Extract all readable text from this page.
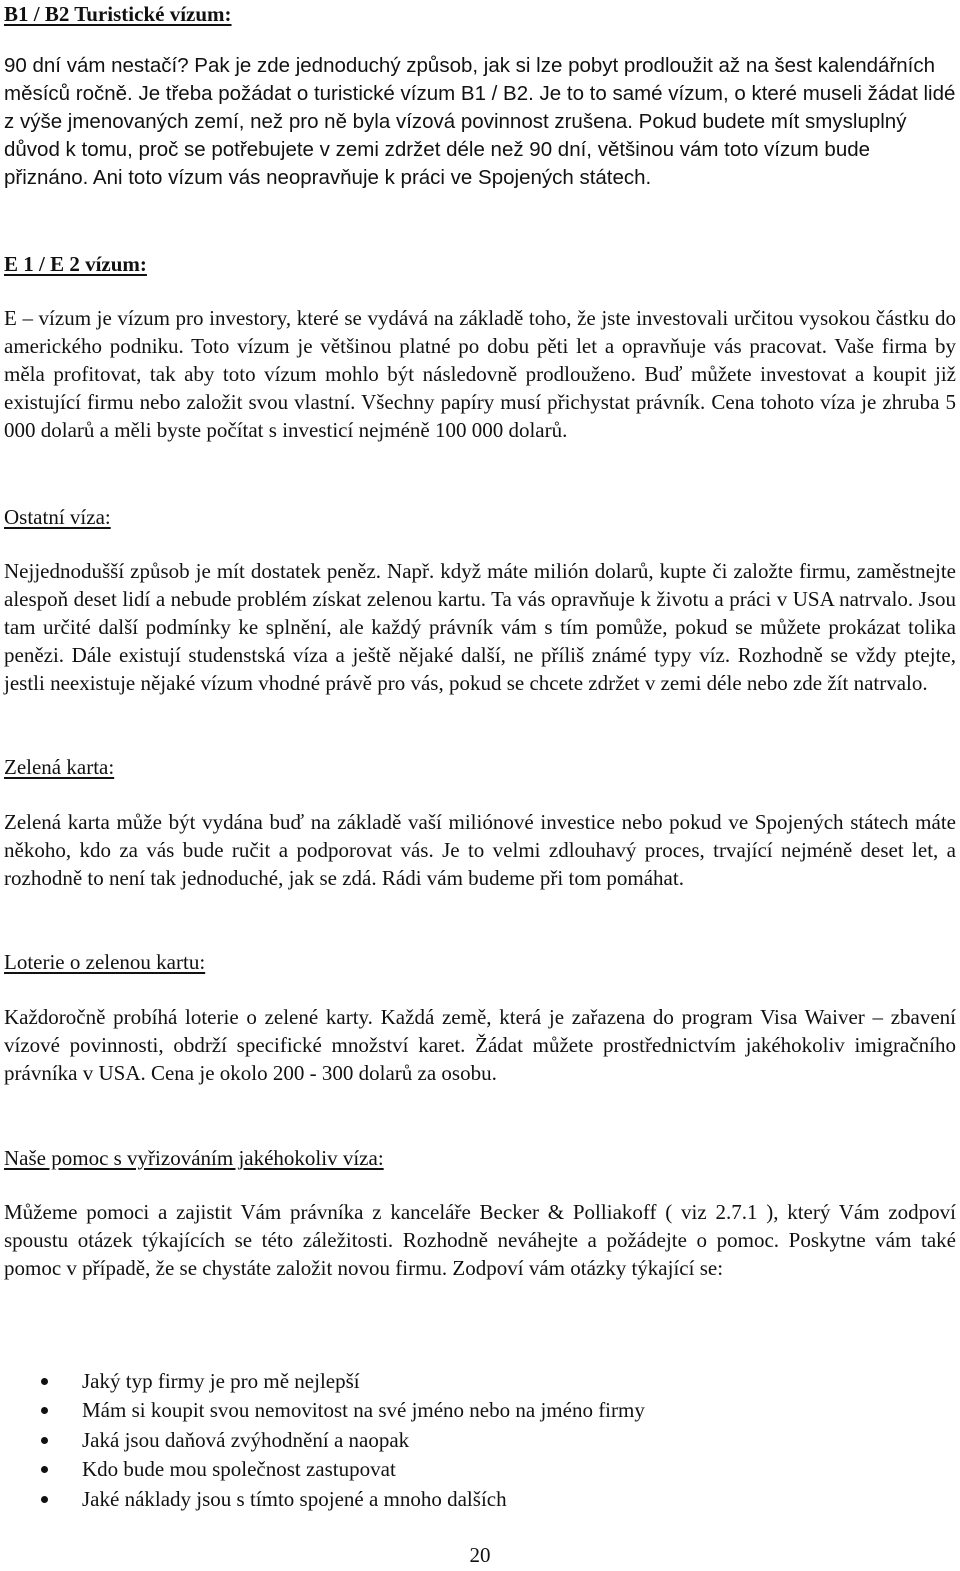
B1 / B2 Turistické vízum:
90 dní vám nestačí? Pak je zde jednoduchý způsob, jak si lze pobyt prodloužit až na šest kalendářních měsíců ročně. Je třeba požádat o turistické vízum B1 / B2. Je to to samé vízum, o které museli žádat lidé z výše jmenovaných zemí, než pro ně byla vízová povinnost zrušena. Pokud budete mít smysluplný důvod k tomu, proč se potřebujete v zemi zdržet déle než 90 dní, většinou vám toto vízum bude přiznáno. Ani toto vízum vás neopravňuje k práci ve Spojených státech.
E 1 / E 2 vízum:
E – vízum je vízum pro investory, které se vydává na základě toho, že jste investovali určitou vysokou částku do amerického podniku. Toto vízum je většinou platné po dobu pěti let a opravňuje vás pracovat. Vaše firma by měla profitovat, tak aby toto vízum mohlo být následovně prodlouženo. Buď můžete investovat a koupit již existující firmu nebo založit svou vlastní. Všechny papíry musí přichystat právník. Cena tohoto víza je zhruba 5 000 dolarů a měli byste počítat s investicí nejméně 100 000 dolarů.
Ostatní víza:
Nejjednodušší způsob je mít dostatek peněz. Např. když máte milión dolarů, kupte či založte firmu, zaměstnejte alespoň deset lidí a nebude problém získat zelenou kartu. Ta vás opravňuje k životu a práci v USA natrvalo. Jsou tam určité další podmínky ke splnění, ale každý právník vám s tím pomůže, pokud se můžete prokázat tolika penězi. Dále existují studenstská víza a ještě nějaké další, ne příliš známé typy víz. Rozhodně se vždy ptejte, jestli neexistuje nějaké vízum vhodné právě pro vás, pokud se chcete zdržet v zemi déle nebo zde žít natrvalo.
Zelená karta:
Zelená karta může být vydána buď na základě vaší miliónové investice nebo pokud ve Spojených státech máte někoho, kdo za vás bude ručit a podporovat vás. Je to velmi zdlouhavý proces, trvající nejméně deset let, a rozhodně to není tak jednoduché, jak se zdá. Rádi vám budeme při tom pomáhat.
Loterie o zelenou kartu:
Každoročně probíhá loterie o zelené karty. Každá země, která je zařazena do program Visa Waiver – zbavení vízové povinnosti, obdrží specifické množství karet. Žádat můžete prostřednictvím jakéhokoliv imigračního právníka v USA. Cena je okolo 200 - 300 dolarů za osobu.
Naše pomoc s vyřizováním jakéhokoliv víza:
Můžeme pomoci a zajistit Vám právníka z kanceláře Becker & Polliakoff ( viz 2.7.1 ), který Vám zodpoví spoustu otázek týkajících se této záležitosti. Rozhodně neváhejte a požádejte o pomoc. Poskytne vám také pomoc v případě, že se chystáte založit novou firmu. Zodpoví vám otázky týkající se:
Jaký typ firmy je pro mě nejlepší
Mám si koupit svou nemovitost na své jméno nebo na jméno firmy
Jaká jsou daňová zvýhodnění a naopak
Kdo bude mou společnost zastupovat
Jaké náklady jsou s tímto spojené a mnoho dalších
20
